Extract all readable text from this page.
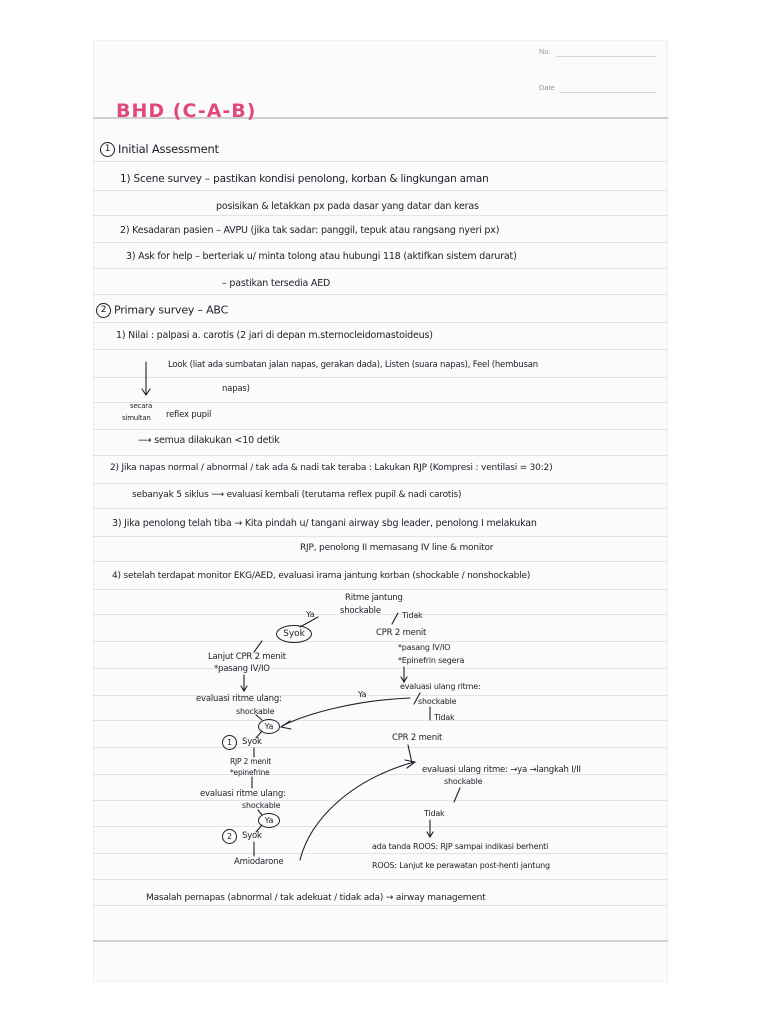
No.
Date
BHD (C-A-B)
1 Initial Assessment
1) Scene survey – pastikan kondisi penolong, korban & lingkungan aman
posisikan & letakkan px pada dasar yang datar dan keras
2) Kesadaran pasien – AVPU (jika tak sadar: panggil, tepuk atau rangsang nyeri px)
3) Ask for help – berteriak u/ minta tolong atau hubungi 118 (aktifkan sistem darurat)
– pastikan tersedia AED
2 Primary survey – ABC
1) Nilai : palpasi a. carotis (2 jari di depan m.sternocleidomastoideus)
Look (liat ada sumbatan jalan napas, gerakan dada), Listen (suara napas), Feel (hembusan
napas)
secara
simultan reflex pupil
⟶ semua dilakukan <10 detik
2) Jika napas normal / abnormal / tak ada & nadi tak teraba : Lakukan RJP (Kompresi : ventilasi = 30:2)
sebanyak 5 siklus ⟶ evaluasi kembali (terutama reflex pupil & nadi carotis)
3) Jika penolong telah tiba → Kita pindah u/ tangani airway sbg leader, penolong I melakukan
RJP, penolong II memasang IV line & monitor
4) setelah terdapat monitor EKG/AED, evaluasi irama jantung korban (shockable / nonshockable)
Ritme jantung
shockable
Ya	Tidak
Syok
Lanjut CPR 2 menit
*pasang IV/IO
evaluasi ritme ulang:
shockable
Ya
1	Syok
RJP 2 menit
*epinefrine
evaluasi ritme ulang:
shockable
Ya
2	Syok
Amiodarone
CPR 2 menit
*pasang IV/IO
*Epinefrin segera
evaluasi ulang ritme:
shockable
Tidak
CPR 2 menit
evaluasi ulang ritme: →ya →langkah I/II
shockable
Tidak
ada tanda ROOS: RJP sampai indikasi berhenti
ROOS: Lanjut ke perawatan post-henti jantung
Ya
Masalah pernapas (abnormal / tak adekuat / tidak ada) → airway management
